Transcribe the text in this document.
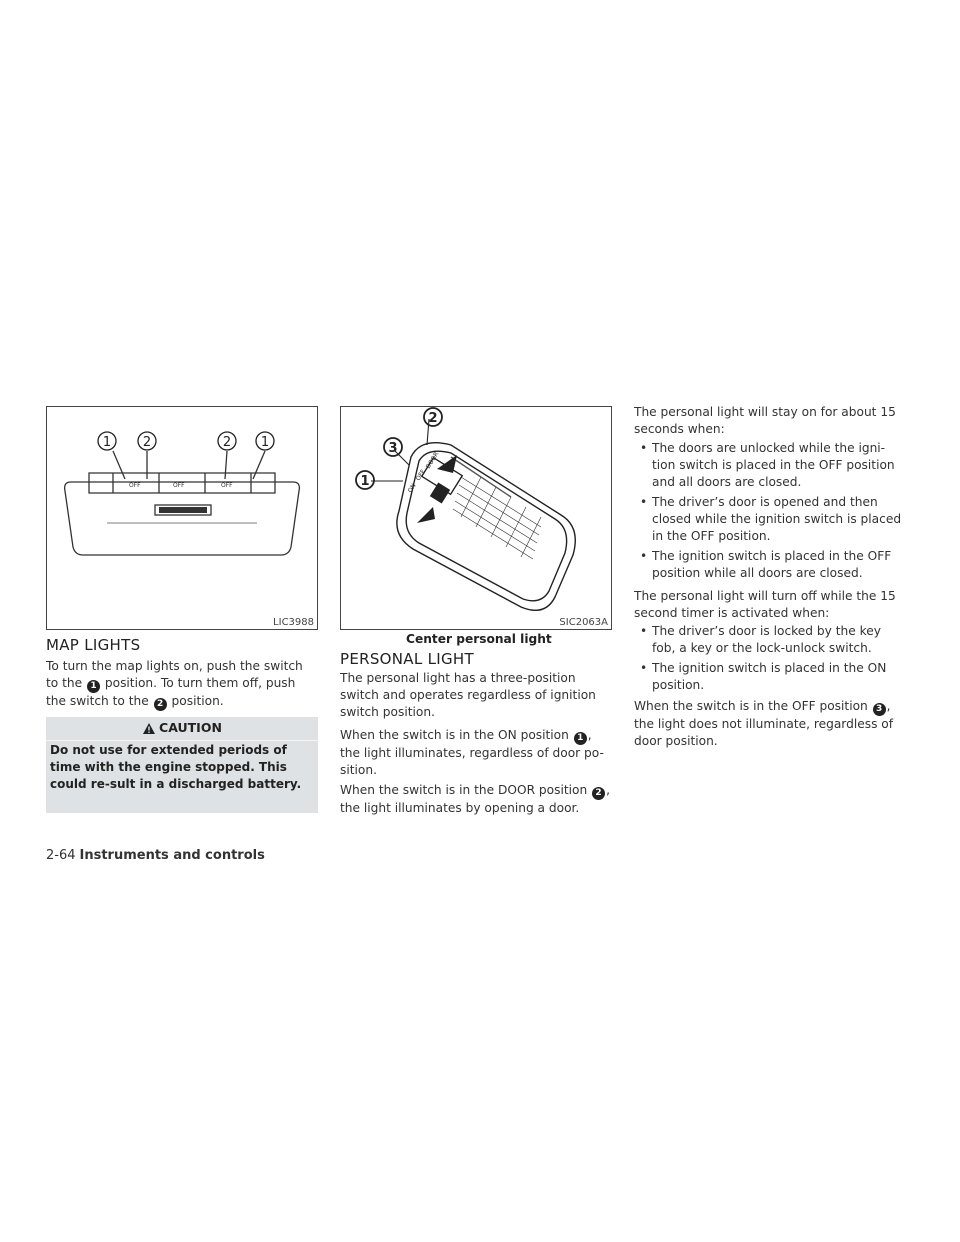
1 2	2 1
OFF	OFF	OFF
LIC3988
MAP LIGHTS

To turn the map lights on, push the switch to the 1 position. To turn them off, push the switch to the 2 position.

CAUTION
Do not use for extended periods of time with the engine stopped. This could re-sult in a discharged battery.
1
2
3
ON
OFF
DOOR
SIC2063A
Center personal light
PERSONAL LIGHT

The personal light has a three-position switch and operates regardless of ignition switch position.

When the switch is in the ON position 1 , the light illuminates, regardless of door po-sition.

When the switch is in the DOOR position 2 , the light illuminates by opening a door.

The personal light will stay on for about 15 seconds when:

• The doors are unlocked while the igni-tion switch is placed in the OFF position and all doors are closed.
• The driver’s door is opened and then closed while the ignition switch is placed in the OFF position.
• The ignition switch is placed in the OFF position while all doors are closed.

The personal light will turn off while the 15 second timer is activated when:

• The driver’s door is locked by the key fob, a key or the lock-unlock switch.
• The ignition switch is placed in the ON position.

When the switch is in the OFF position 3 , the light does not illuminate, regardless of door position.

2-64 Instruments and controls
